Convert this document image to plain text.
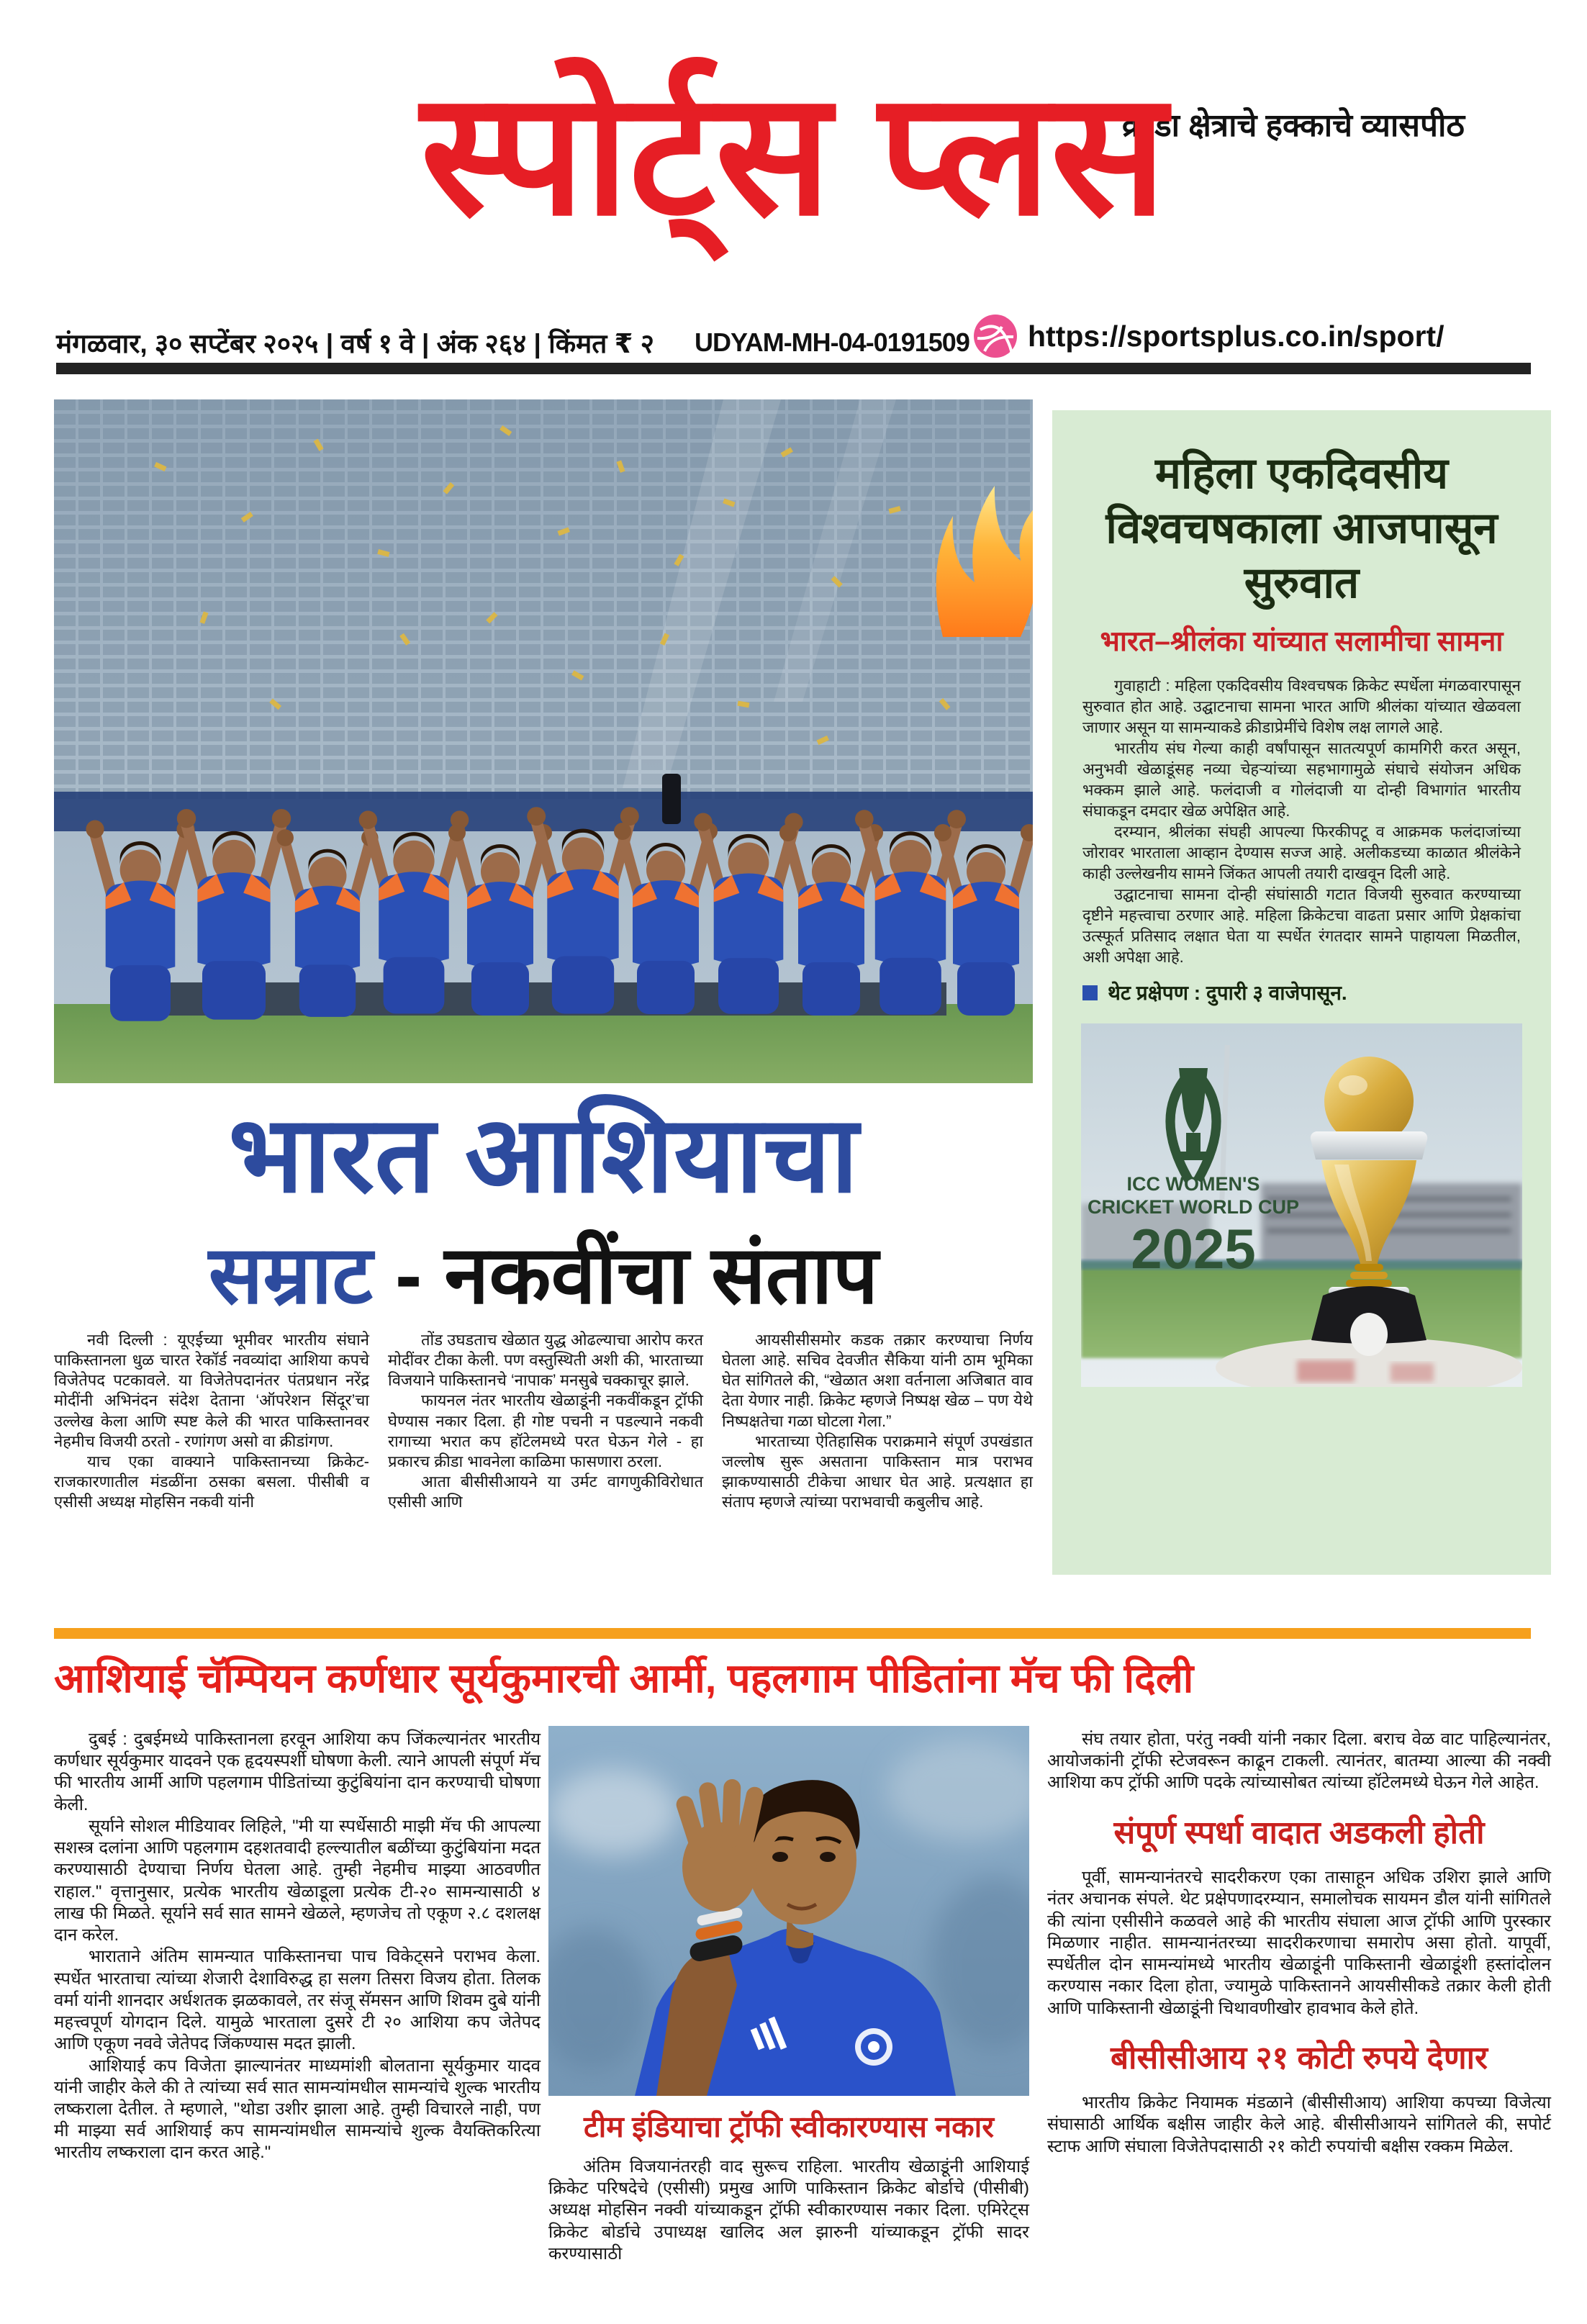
क्रीडा क्षेत्राचे हक्काचे व्यासपीठ
स्पोर्ट्स प्लस
मंगळवार, ३० सप्टेंबर २०२५ | वर्ष १ वे | अंक २६४ | किंमत ₹ २ UDYAM-MH-04-0191509 https://sportsplus.co.in/sport/
भारत आशियाचा
सम्राट - नकवींचा संताप

नवी दिल्ली : यूएईच्या भूमीवर भारतीय संघाने पाकिस्तानला धुळ चारत रेकॉर्ड नवव्यांदा आशिया कपचे विजेतेपद पटकावले. या विजेतेपदानंतर पंतप्रधान नरेंद्र मोदींनी अभिनंदन संदेश देताना ‘ऑपरेशन सिंदूर’चा उल्लेख केला आणि स्पष्ट केले की भारत पाकिस्तानवर नेहमीच विजयी ठरतो - रणांगण असो वा क्रीडांगण.

याच एका वाक्याने पाकिस्तानच्या क्रिकेट-राजकारणातील मंडळींना ठसका बसला. पीसीबी व एसीसी अध्यक्ष मोहसिन नकवी यांनी

तोंड उघडताच खेळात युद्ध ओढल्याचा आरोप करत मोदींवर टीका केली. पण वस्तुस्थिती अशी की, भारताच्या विजयाने पाकिस्तानचे ‘नापाक’ मनसुबे चक्काचूर झाले.

फायनल नंतर भारतीय खेळाडूंनी नकवींकडून ट्रॉफी घेण्यास नकार दिला. ही गोष्ट पचनी न पडल्याने नकवी रागाच्या भरात कप हॉटेलमध्ये परत घेऊन गेले - हा प्रकारच क्रीडा भावनेला काळिमा फासणारा ठरला.

आता बीसीसीआयने या उर्मट वागणुकीविरोधात एसीसी आणि

आयसीसीसमोर कडक तक्रार करण्याचा निर्णय घेतला आहे. सचिव देवजीत सैकिया यांनी ठाम भूमिका घेत सांगितले की, “खेळात अशा वर्तनाला अजिबात वाव देता येणार नाही. क्रिकेट म्हणजे निष्पक्ष खेळ – पण येथे निष्पक्षतेचा गळा घोटला गेला.”

भारताच्या ऐतिहासिक पराक्रमाने संपूर्ण उपखंडात जल्लोष सुरू असताना पाकिस्तान मात्र पराभव झाकण्यासाठी टीकेचा आधार घेत आहे. प्रत्यक्षात हा संताप म्हणजे त्यांच्या पराभवाची कबुलीच आहे.

महिला एकदिवसीय विश्वचषकाला आजपासून सुरुवात
भारत–श्रीलंका यांच्यात सलामीचा सामना

गुवाहाटी : महिला एकदिवसीय विश्वचषक क्रिकेट स्पर्धेला मंगळवारपासून सुरुवात होत आहे. उद्घाटनाचा सामना भारत आणि श्रीलंका यांच्यात खेळवला जाणार असून या सामन्याकडे क्रीडाप्रेमींचे विशेष लक्ष लागले आहे.

भारतीय संघ गेल्या काही वर्षांपासून सातत्यपूर्ण कामगिरी करत असून, अनुभवी खेळाडूंसह नव्या चेहऱ्यांच्या सहभागामुळे संघाचे संयोजन अधिक भक्कम झाले आहे. फलंदाजी व गोलंदाजी या दोन्ही विभागांत भारतीय संघाकडून दमदार खेळ अपेक्षित आहे.

दरम्यान, श्रीलंका संघही आपल्या फिरकीपटू व आक्रमक फलंदाजांच्या जोरावर भारताला आव्हान देण्यास सज्ज आहे. अलीकडच्या काळात श्रीलंकेने काही उल्लेखनीय सामने जिंकत आपली तयारी दाखवून दिली आहे.

उद्घाटनाचा सामना दोन्ही संघांसाठी गटात विजयी सुरुवात करण्याच्या दृष्टीने महत्त्वाचा ठरणार आहे. महिला क्रिकेटचा वाढता प्रसार आणि प्रेक्षकांचा उत्स्फूर्त प्रतिसाद लक्षात घेता या स्पर्धेत रंगतदार सामने पाहायला मिळतील, अशी अपेक्षा आहे.

थेट प्रक्षेपण : दुपारी ३ वाजेपासून.
ICC WOMEN'S
CRICKET WORLD CUP
2025
आशियाई चॅम्पियन कर्णधार सूर्यकुमारची आर्मी, पहलगाम पीडितांना मॅच फी दिली

दुबई : दुबईमध्ये पाकिस्तानला हरवून आशिया कप जिंकल्यानंतर भारतीय कर्णधार सूर्यकुमार यादवने एक हृदयस्पर्शी घोषणा केली. त्याने आपली संपूर्ण मॅच फी भारतीय आर्मी आणि पहलगाम पीडितांच्या कुटुंबियांना दान करण्याची घोषणा केली.

सूर्याने सोशल मीडियावर लिहिले, "मी या स्पर्धेसाठी माझी मॅच फी आपल्या सशस्त्र दलांना आणि पहलगाम दहशतवादी हल्ल्यातील बळींच्या कुटुंबियांना मदत करण्यासाठी देण्याचा निर्णय घेतला आहे. तुम्ही नेहमीच माझ्या आठवणीत राहाल." वृत्तानुसार, प्रत्येक भारतीय खेळाडूला प्रत्येक टी-२० सामन्यासाठी ४ लाख फी मिळते. सूर्याने सर्व सात सामने खेळले, म्हणजेच तो एकूण २.८ दशलक्ष दान करेल.

भाराताने अंतिम सामन्यात पाकिस्तानचा पाच विकेट्सने पराभव केला. स्पर्धेत भारताचा त्यांच्या शेजारी देशाविरुद्ध हा सलग तिसरा विजय होता. तिलक वर्मा यांनी शानदार अर्धशतक झळकावले, तर संजू सॅमसन आणि शिवम दुबे यांनी महत्त्वपूर्ण योगदान दिले. यामुळे भारताला दुसरे टी २० आशिया कप जेतेपद आणि एकूण नववे जेतेपद जिंकण्यास मदत झाली.

आशियाई कप विजेता झाल्यानंतर माध्यमांशी बोलताना सूर्यकुमार यादव यांनी जाहीर केले की ते त्यांच्या सर्व सात सामन्यांमधील सामन्यांचे शुल्क भारतीय लष्कराला देतील. ते म्हणाले, "थोडा उशीर झाला आहे. तुम्ही विचारले नाही, पण मी माझ्या सर्व आशियाई कप सामन्यांमधील सामन्यांचे शुल्क वैयक्तिकरित्या भारतीय लष्कराला दान करत आहे."

टीम इंडियाचा ट्रॉफी स्वीकारण्यास नकार

अंतिम विजयानंतरही वाद सुरूच राहिला. भारतीय खेळाडूंनी आशियाई क्रिकेट परिषदेचे (एसीसी) प्रमुख आणि पाकिस्तान क्रिकेट बोर्डाचे (पीसीबी) अध्यक्ष मोहसिन नक्वी यांच्याकडून ट्रॉफी स्वीकारण्यास नकार दिला. एमिरेट्स क्रिकेट बोर्डाचे उपाध्यक्ष खालिद अल झारुनी यांच्याकडून ट्रॉफी सादर करण्यासाठी

संघ तयार होता, परंतु नक्वी यांनी नकार दिला. बराच वेळ वाट पाहिल्यानंतर, आयोजकांनी ट्रॉफी स्टेजवरून काढून टाकली. त्यानंतर, बातम्या आल्या की नक्वी आशिया कप ट्रॉफी आणि पदके त्यांच्यासोबत त्यांच्या हॉटेलमध्ये घेऊन गेले आहेत.

संपूर्ण स्पर्धा वादात अडकली होती

पूर्वी, सामन्यानंतरचे सादरीकरण एका तासाहून अधिक उशिरा झाले आणि नंतर अचानक संपले. थेट प्रक्षेपणादरम्यान, समालोचक सायमन डौल यांनी सांगितले की त्यांना एसीसीने कळवले आहे की भारतीय संघाला आज ट्रॉफी आणि पुरस्कार मिळणार नाहीत. सामन्यानंतरच्या सादरीकरणाचा समारोप असा होतो. यापूर्वी, स्पर्धेतील दोन सामन्यांमध्ये भारतीय खेळाडूंनी पाकिस्तानी खेळाडूंशी हस्तांदोलन करण्यास नकार दिला होता, ज्यामुळे पाकिस्तानने आयसीसीकडे तक्रार केली होती आणि पाकिस्तानी खेळाडूंनी चिथावणीखोर हावभाव केले होते.

बीसीसीआय २१ कोटी रुपये देणार

भारतीय क्रिकेट नियामक मंडळाने (बीसीसीआय) आशिया कपच्या विजेत्या संघासाठी आर्थिक बक्षीस जाहीर केले आहे. बीसीसीआयने सांगितले की, सपोर्ट स्टाफ आणि संघाला विजेतेपदासाठी २१ कोटी रुपयांची बक्षीस रक्कम मिळेल.
